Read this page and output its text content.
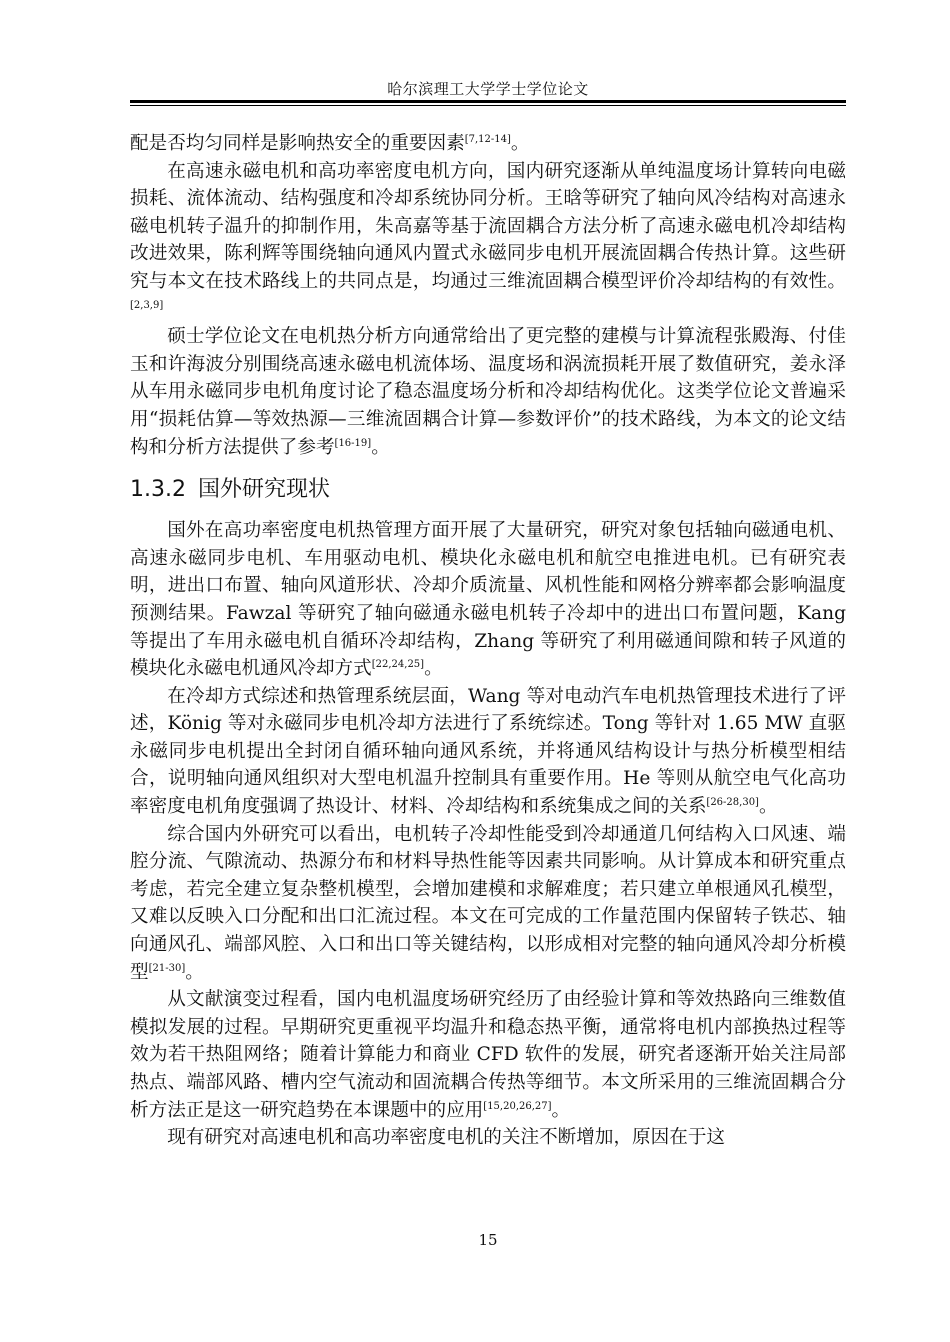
哈尔滨理工大学学士学位论文

配是否均匀同样是影响热安全的重要因素[7,12-14]。

在高速永磁电机和高功率密度电机方向，国内研究逐渐从单纯温度场计算转向电磁损耗、流体流动、结构强度和冷却系统协同分析。王晗等研究了轴向风冷结构对高速永磁电机转子温升的抑制作用，朱高嘉等基于流固耦合方法分析了高速永磁电机冷却结构改进效果，陈利辉等围绕轴向通风内置式永磁同步电机开展流固耦合传热计算。这些研究与本文在技术路线上的共同点是，均通过三维流固耦合模型评价冷却结构的有效性。[2,3,9]

硕士学位论文在电机热分析方向通常给出了更完整的建模与计算流程张殿海、付佳玉和许海波分别围绕高速永磁电机流体场、温度场和涡流损耗开展了数值研究，姜永泽从车用永磁同步电机角度讨论了稳态温度场分析和冷却结构优化。这类学位论文普遍采用“损耗估算—等效热源—三维流固耦合计算—参数评价”的技术路线，为本文的论文结构和分析方法提供了参考[16-19]。

1.3.2 国外研究现状

国外在高功率密度电机热管理方面开展了大量研究，研究对象包括轴向磁通电机、高速永磁同步电机、车用驱动电机、模块化永磁电机和航空电推进电机。已有研究表明，进出口布置、轴向风道形状、冷却介质流量、风机性能和网格分辨率都会影响温度预测结果。Fawzal 等研究了轴向磁通永磁电机转子冷却中的进出口布置问题，Kang 等提出了车用永磁电机自循环冷却结构，Zhang 等研究了利用磁通间隙和转子风道的模块化永磁电机通风冷却方式[22,24,25]。

在冷却方式综述和热管理系统层面，Wang 等对电动汽车电机热管理技术进行了评述，König 等对永磁同步电机冷却方法进行了系统综述。Tong 等针对 1.65 MW 直驱永磁同步电机提出全封闭自循环轴向通风系统，并将通风结构设计与热分析模型相结合，说明轴向通风组织对大型电机温升控制具有重要作用。He 等则从航空电气化高功率密度电机角度强调了热设计、材料、冷却结构和系统集成之间的关系[26-28,30]。

综合国内外研究可以看出，电机转子冷却性能受到冷却通道几何结构入口风速、端腔分流、气隙流动、热源分布和材料导热性能等因素共同影响。从计算成本和研究重点考虑，若完全建立复杂整机模型，会增加建模和求解难度；若只建立单根通风孔模型，又难以反映入口分配和出口汇流过程。本文在可完成的工作量范围内保留转子铁芯、轴向通风孔、端部风腔、入口和出口等关键结构，以形成相对完整的轴向通风冷却分析模型[21-30]。

从文献演变过程看，国内电机温度场研究经历了由经验计算和等效热路向三维数值模拟发展的过程。早期研究更重视平均温升和稳态热平衡，通常将电机内部换热过程等效为若干热阻网络；随着计算能力和商业 CFD 软件的发展，研究者逐渐开始关注局部热点、端部风路、槽内空气流动和固流耦合传热等细节。本文所采用的三维流固耦合分析方法正是这一研究趋势在本课题中的应用[15,20,26,27]。

现有研究对高速电机和高功率密度电机的关注不断增加，原因在于这

15
